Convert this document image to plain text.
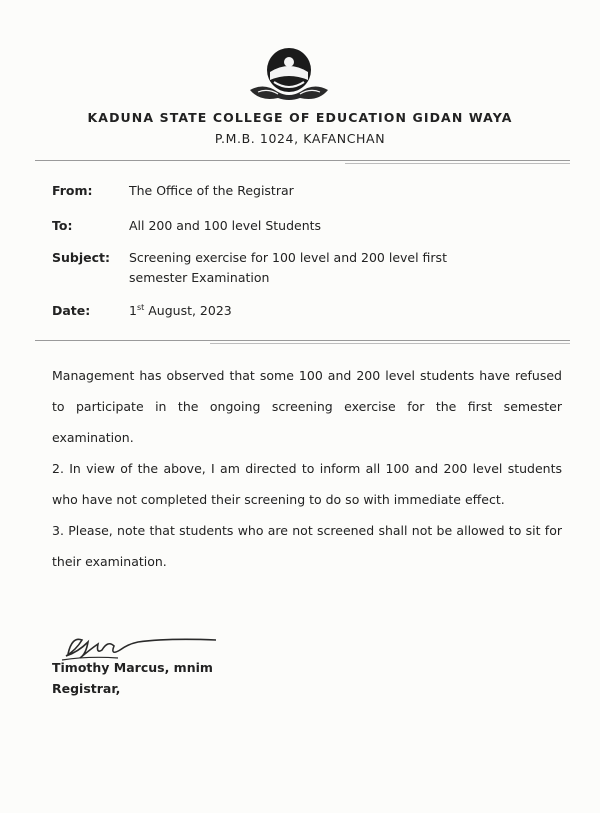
KADUNA STATE COLLEGE OF EDUCATION GIDAN WAYA
P.M.B. 1024, KAFANCHAN
From:	The Office of the Registrar
To:	All 200 and 100 level Students
Subject: Screening exercise for 100 level and 200 level first semester Examination
Date:	1st August, 2023

Management has observed that some 100 and 200 level students have refused to participate in the ongoing screening exercise for the first semester examination.

2. In view of the above, I am directed to inform all 100 and 200 level students who have not completed their screening to do so with immediate effect.

3. Please, note that students who are not screened shall not be allowed to sit for their examination.

Timothy Marcus, mnim
Registrar,
